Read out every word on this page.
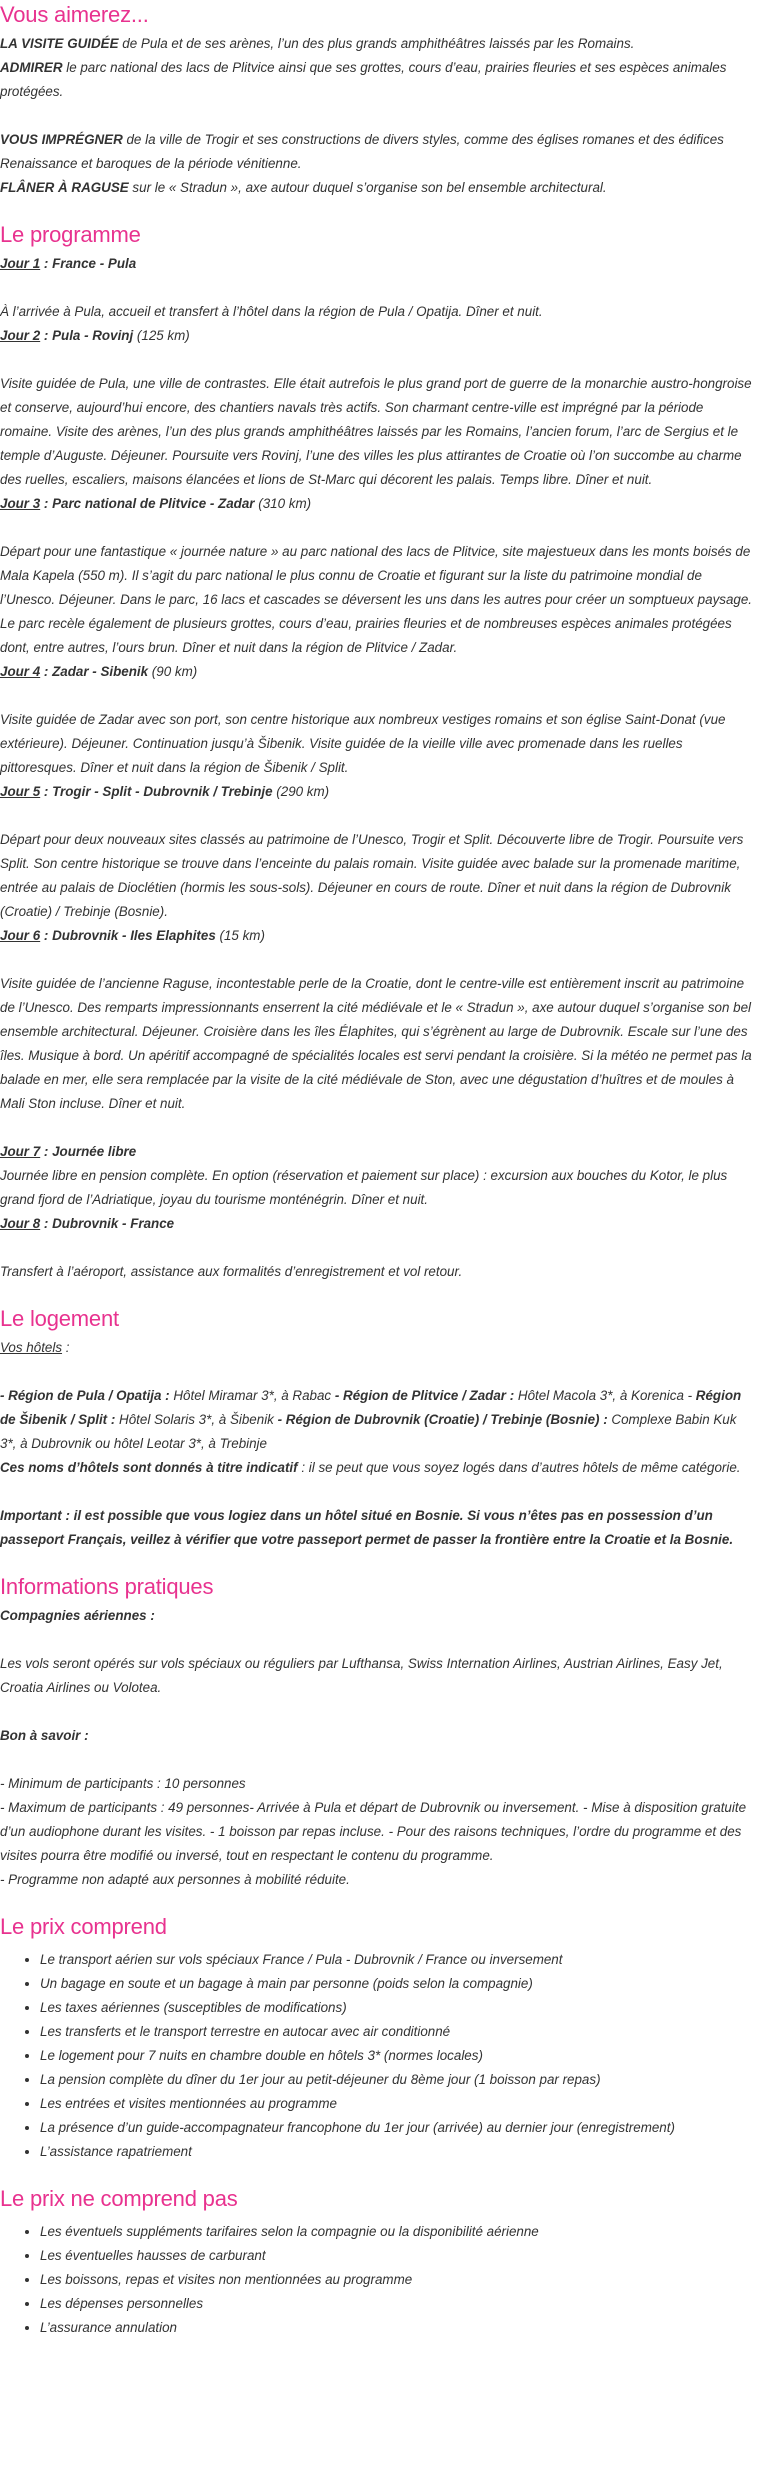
Vous aimerez...

LA VISITE GUIDÉE de Pula et de ses arènes, l’un des plus grands amphithéâtres laissés par les Romains.

ADMIRER le parc national des lacs de Plitvice ainsi que ses grottes, cours d’eau, prairies fleuries et ses espèces animales protégées.

VOUS IMPRÉGNER de la ville de Trogir et ses constructions de divers styles, comme des églises romanes et des édifices Renaissance et baroques de la période vénitienne.

FLÂNER À RAGUSE sur le « Stradun », axe autour duquel s’organise son bel ensemble architectural.

Le programme

Jour 1 : France - Pula

À l’arrivée à Pula, accueil et transfert à l’hôtel dans la région de Pula / Opatija. Dîner et nuit.

Jour 2 : Pula - Rovinj (125 km)

Visite guidée de Pula, une ville de contrastes. Elle était autrefois le plus grand port de guerre de la monarchie austro-hongroise et conserve, aujourd’hui encore, des chantiers navals très actifs. Son charmant centre-ville est imprégné par la période romaine. Visite des arènes, l’un des plus grands amphithéâtres laissés par les Romains, l’ancien forum, l’arc de Sergius et le temple d’Auguste. Déjeuner. Poursuite vers Rovinj, l’une des villes les plus attirantes de Croatie où l’on succombe au charme des ruelles, escaliers, maisons élancées et lions de St-Marc qui décorent les palais. Temps libre. Dîner et nuit.

Jour 3 : Parc national de Plitvice - Zadar (310 km)

Départ pour une fantastique « journée nature » au parc national des lacs de Plitvice, site majestueux dans les monts boisés de Mala Kapela (550 m). Il s’agit du parc national le plus connu de Croatie et figurant sur la liste du patrimoine mondial de l’Unesco. Déjeuner. Dans le parc, 16 lacs et cascades se déversent les uns dans les autres pour créer un somptueux paysage. Le parc recèle également de plusieurs grottes, cours d’eau, prairies fleuries et de nombreuses espèces animales protégées dont, entre autres, l’ours brun. Dîner et nuit dans la région de Plitvice / Zadar.

Jour 4 : Zadar - Sibenik (90 km)

Visite guidée de Zadar avec son port, son centre historique aux nombreux vestiges romains et son église Saint-Donat (vue extérieure). Déjeuner. Continuation jusqu’à Šibenik. Visite guidée de la vieille ville avec promenade dans les ruelles pittoresques. Dîner et nuit dans la région de Šibenik / Split.

Jour 5 : Trogir - Split - Dubrovnik / Trebinje (290 km)

Départ pour deux nouveaux sites classés au patrimoine de l’Unesco, Trogir et Split. Découverte libre de Trogir. Poursuite vers Split. Son centre historique se trouve dans l’enceinte du palais romain. Visite guidée avec balade sur la promenade maritime, entrée au palais de Dioclétien (hormis les sous-sols). Déjeuner en cours de route. Dîner et nuit dans la région de Dubrovnik (Croatie) / Trebinje (Bosnie).

Jour 6 : Dubrovnik - Iles Elaphites (15 km)

Visite guidée de l’ancienne Raguse, incontestable perle de la Croatie, dont le centre-ville est entièrement inscrit au patrimoine de l’Unesco. Des remparts impressionnants enserrent la cité médiévale et le « Stradun », axe autour duquel s’organise son bel ensemble architectural. Déjeuner. Croisière dans les îles Élaphites, qui s’égrènent au large de Dubrovnik. Escale sur l’une des îles. Musique à bord. Un apéritif accompagné de spécialités locales est servi pendant la croisière. Si la météo ne permet pas la balade en mer, elle sera remplacée par la visite de la cité médiévale de Ston, avec une dégustation d’huîtres et de moules à Mali Ston incluse. Dîner et nuit.

Jour 7 : Journée libre

Journée libre en pension complète. En option (réservation et paiement sur place) : excursion aux bouches du Kotor, le plus grand fjord de l’Adriatique, joyau du tourisme monténégrin. Dîner et nuit.

Jour 8 : Dubrovnik - France

Transfert à l’aéroport, assistance aux formalités d’enregistrement et vol retour.

Le logement

Vos hôtels :

- Région de Pula / Opatija : Hôtel Miramar 3*, à Rabac - Région de Plitvice / Zadar : Hôtel Macola 3*, à Korenica - Région de Šibenik / Split : Hôtel Solaris 3*, à Šibenik - Région de Dubrovnik (Croatie) / Trebinje (Bosnie) : Complexe Babin Kuk 3*, à Dubrovnik ou hôtel Leotar 3*, à Trebinje

Ces noms d’hôtels sont donnés à titre indicatif : il se peut que vous soyez logés dans d’autres hôtels de même catégorie.

Important : il est possible que vous logiez dans un hôtel situé en Bosnie. Si vous n’êtes pas en possession d’un passeport Français, veillez à vérifier que votre passeport permet de passer la frontière entre la Croatie et la Bosnie.

Informations pratiques

Compagnies aériennes :

Les vols seront opérés sur vols spéciaux ou réguliers par Lufthansa, Swiss Internation Airlines, Austrian Airlines, Easy Jet, Croatia Airlines ou Volotea.

Bon à savoir :

- Minimum de participants : 10 personnes

- Maximum de participants : 49 personnes- Arrivée à Pula et départ de Dubrovnik ou inversement. - Mise à disposition gratuite d’un audiophone durant les visites. - 1 boisson par repas incluse. - Pour des raisons techniques, l’ordre du programme et des visites pourra être modifié ou inversé, tout en respectant le contenu du programme.

- Programme non adapté aux personnes à mobilité réduite.

Le prix comprend
• Le transport aérien sur vols spéciaux France / Pula - Dubrovnik / France ou inversement
• Un bagage en soute et un bagage à main par personne (poids selon la compagnie)
• Les taxes aériennes (susceptibles de modifications)
• Les transferts et le transport terrestre en autocar avec air conditionné
• Le logement pour 7 nuits en chambre double en hôtels 3* (normes locales)
• La pension complète du dîner du 1er jour au petit-déjeuner du 8ème jour (1 boisson par repas)
• Les entrées et visites mentionnées au programme
• La présence d’un guide-accompagnateur francophone du 1er jour (arrivée) au dernier jour (enregistrement)
• L’assistance rapatriement
Le prix ne comprend pas
• Les éventuels suppléments tarifaires selon la compagnie ou la disponibilité aérienne
• Les éventuelles hausses de carburant
• Les boissons, repas et visites non mentionnées au programme
• Les dépenses personnelles
• L’assurance annulation
